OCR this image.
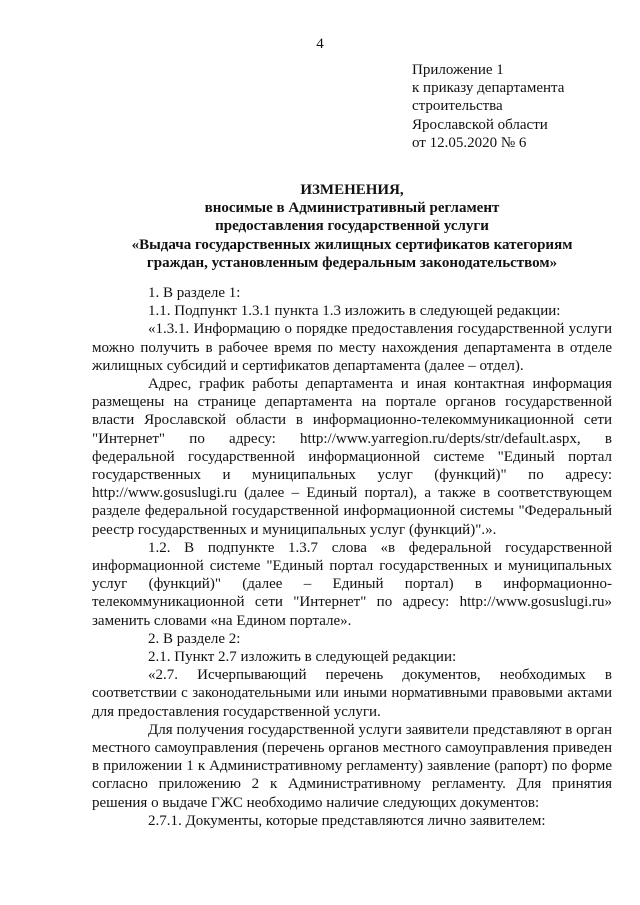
4
Приложение 1
к приказу департамента
строительства
Ярославской области
от 12.05.2020 № 6
ИЗМЕНЕНИЯ,
вносимые в Административный регламент
предоставления государственной услуги
«Выдача государственных жилищных сертификатов категориям
граждан, установленным федеральным законодательством»

1. В разделе 1:

1.1. Подпункт 1.3.1 пункта 1.3 изложить в следующей редакции:

«1.3.1. Информацию о порядке предоставления государственной услуги можно получить в рабочее время по месту нахождения департамента в отделе жилищных субсидий и сертификатов департамента (далее – отдел).

Адрес, график работы департамента и иная контактная информация размещены на странице департамента на портале органов государственной власти Ярославской области в информационно-телекоммуникационной сети "Интернет" по адресу: http://www.yarregion.ru/depts/str/default.aspx, в федеральной государственной информационной системе "Единый портал государственных и муниципальных услуг (функций)" по адресу: http://www.gosuslugi.ru (далее – Единый портал), а также в соответствующем разделе федеральной государственной информационной системы "Федеральный реестр государственных и муниципальных услуг (функций)".».

1.2. В подпункте 1.3.7 слова «в федеральной государственной информационной системе "Единый портал государственных и муниципальных услуг (функций)" (далее – Единый портал) в информационно-телекоммуникационной сети "Интернет" по адресу: http://www.gosuslugi.ru» заменить словами «на Едином портале».

2. В разделе 2:

2.1. Пункт 2.7 изложить в следующей редакции:

«2.7. Исчерпывающий перечень документов, необходимых в соответствии с законодательными или иными нормативными правовыми актами для предоставления государственной услуги.

Для получения государственной услуги заявители представляют в орган местного самоуправления (перечень органов местного самоуправления приведен в приложении 1 к Административному регламенту) заявление (рапорт) по форме согласно приложению 2 к Административному регламенту. Для принятия решения о выдаче ГЖС необходимо наличие следующих документов:

2.7.1. Документы, которые представляются лично заявителем:
